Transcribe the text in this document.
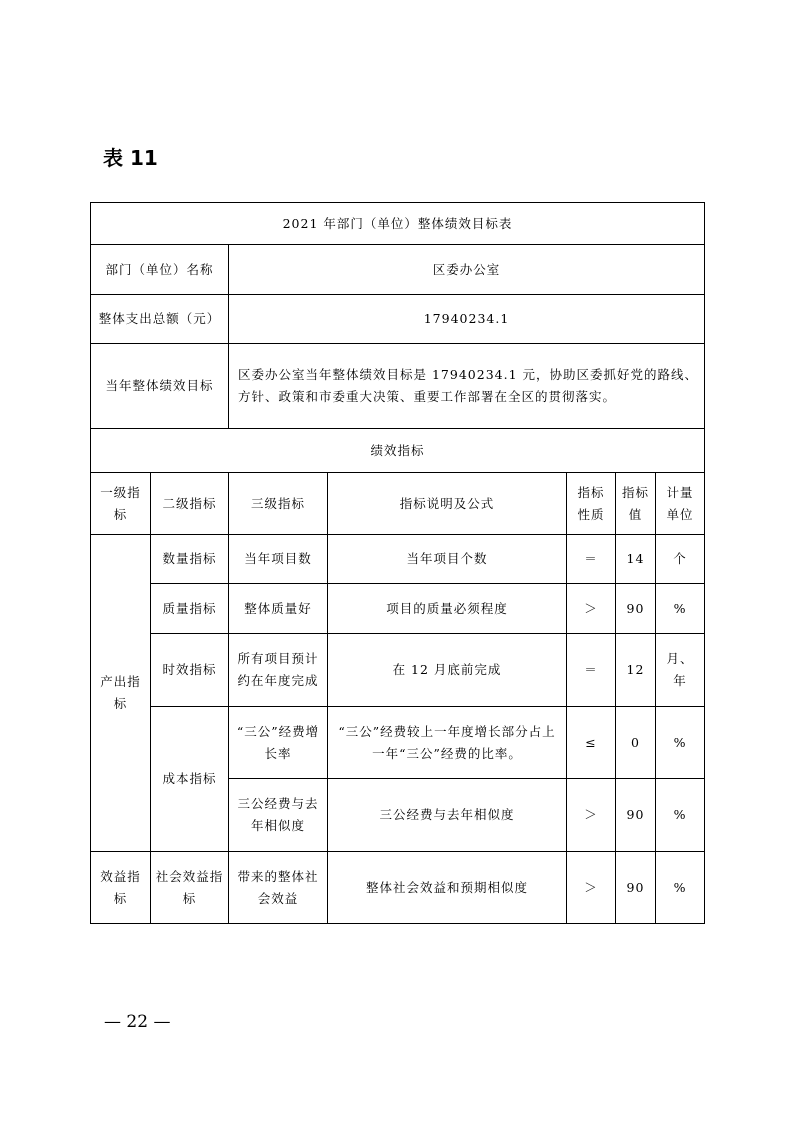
表 11
2021 年部门（单位）整体绩效目标表						
部门（单位）名称		区委办公室				
整体支出总额（元）		17940234.1				
当年整体绩效目标		区委办公室当年整体绩效目标是 17940234.1 元，协助区委抓好党的路线、方针、政策和市委重大决策、重要工作部署在全区的贯彻落实。				
绩效指标						
一级指标	二级指标	三级指标	指标说明及公式	指标性质	指标值	计量单位
产出指标	数量指标	当年项目数	当年项目个数	＝	14	个
	质量指标	整体质量好	项目的质量必须程度	＞	90	%
	时效指标	所有项目预计约在年度完成	在 12 月底前完成	＝	12	月、年
	成本指标	“三公”经费增长率	“三公”经费较上一年度增长部分占上一年“三公”经费的比率。	≤	0	%
		三公经费与去年相似度	三公经费与去年相似度	＞	90	%
效益指标	社会效益指标	带来的整体社会效益	整体社会效益和预期相似度	＞	90	%
— 22 —
